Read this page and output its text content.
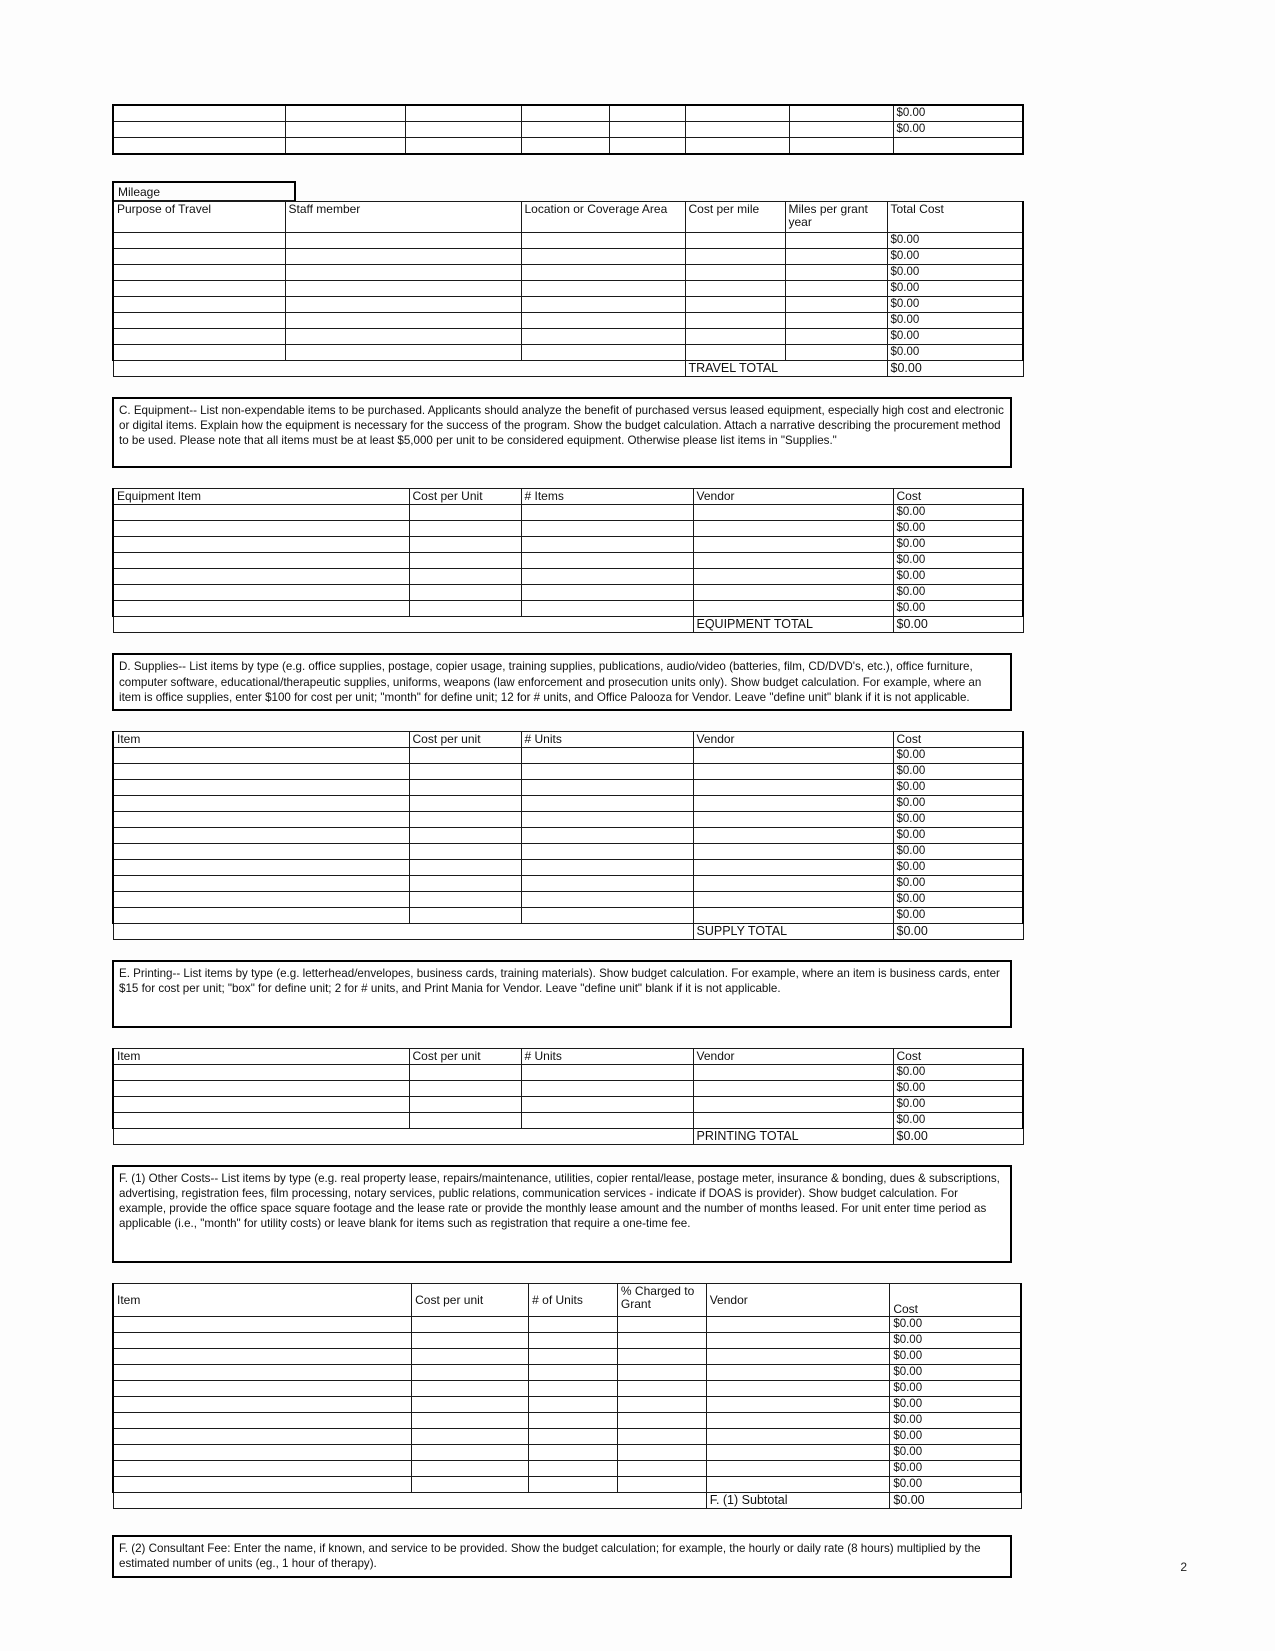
							$0.00
							$0.00

Mileage
Purpose of Travel	Staff member	Location or Coverage Area	Cost per mile	Miles per grant year	Total Cost
					$0.00
					$0.00
					$0.00
					$0.00
					$0.00
					$0.00
					$0.00
					$0.00
			TRAVEL TOTAL		$0.00

C. Equipment-- List non-expendable items to be purchased. Applicants should analyze the benefit of purchased versus leased equipment, especially high cost and electronic or digital items. Explain how the equipment is necessary for the success of the program. Show the budget calculation. Attach a narrative describing the procurement method to be used. Please note that all items must be at least $5,000 per unit to be considered equipment. Otherwise please list items in "Supplies."

Equipment Item	Cost per Unit	# Items	Vendor	Cost
				$0.00
				$0.00
				$0.00
				$0.00
				$0.00
				$0.00
				$0.00
			EQUIPMENT TOTAL	$0.00

D. Supplies-- List items by type (e.g. office supplies, postage, copier usage, training supplies, publications, audio/video (batteries, film, CD/DVD's, etc.), office furniture, computer software, educational/therapeutic supplies, uniforms, weapons (law enforcement and prosecution units only). Show budget calculation. For example, where an item is office supplies, enter $100 for cost per unit; "month" for define unit; 12 for # units, and Office Palooza for Vendor. Leave "define unit" blank if it is not applicable.

Item	Cost per unit	# Units	Vendor	Cost
				$0.00
				$0.00
				$0.00
				$0.00
				$0.00
				$0.00
				$0.00
				$0.00
				$0.00
				$0.00
				$0.00
			SUPPLY TOTAL	$0.00

E. Printing-- List items by type (e.g. letterhead/envelopes, business cards, training materials). Show budget calculation. For example, where an item is business cards, enter $15 for cost per unit; "box" for define unit; 2 for # units, and Print Mania for Vendor. Leave "define unit" blank if it is not applicable.

Item	Cost per unit	# Units	Vendor	Cost
				$0.00
				$0.00
				$0.00
				$0.00
			PRINTING TOTAL	$0.00

F. (1) Other Costs-- List items by type (e.g. real property lease, repairs/maintenance, utilities, copier rental/lease, postage meter, insurance & bonding, dues & subscriptions, advertising, registration fees, film processing, notary services, public relations, communication services - indicate if DOAS is provider). Show budget calculation. For example, provide the office space square footage and the lease rate or provide the monthly lease amount and the number of months leased. For unit enter time period as applicable (i.e., "month" for utility costs) or leave blank for items such as registration that require a one-time fee.

Item	Cost per unit	# of Units	% Charged to Grant	Vendor	Cost
					$0.00
					$0.00
					$0.00
					$0.00
					$0.00
					$0.00
					$0.00
					$0.00
					$0.00
					$0.00
					$0.00
				F. (1) Subtotal	$0.00

F. (2) Consultant Fee: Enter the name, if known, and service to be provided. Show the budget calculation; for example, the hourly or daily rate (8 hours) multiplied by the estimated number of units (eg., 1 hour of therapy).	2
